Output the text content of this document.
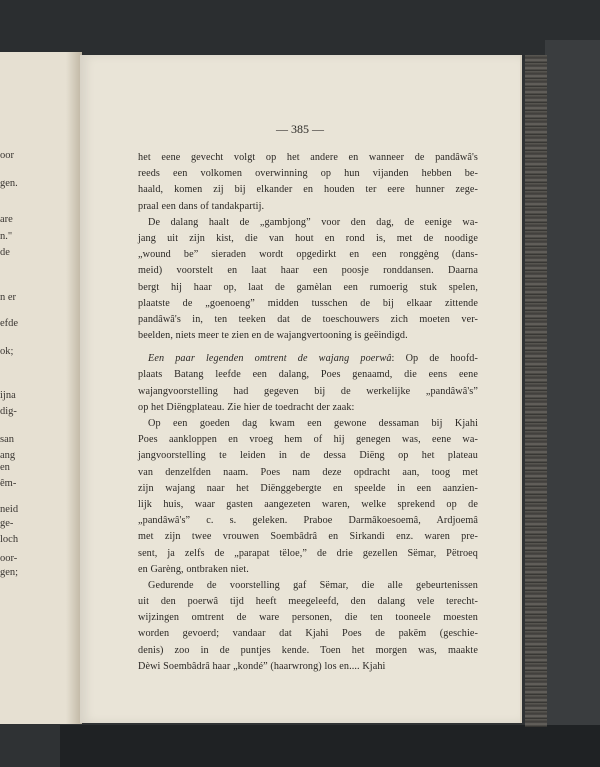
oor
gen.
are
n."
de
n er
efde
ok;
ijna
dig-
san
ang
en
êm-
neid
ge-
loch
oor-
gen;
— 385 —
het eene gevecht volgt op het andere en wanneer de pandâwâ's
reeds een volkomen overwinning op hun vijanden hebben be-
haald, komen zij bij elkander en houden ter eere hunner zege-
praal een dans of tandakpartij.
De dalang haalt de „gambjong” voor den dag, de eenige wa-
jang uit zijn kist, die van hout en rond is, met de noodige
„wound be” sieraden wordt opgedirkt en een ronggèng (dans-
meid) voorstelt en laat haar een poosje ronddansen. Daarna
bergt hij haar op, laat de gamèlan een rumoerig stuk spelen,
plaatste de „goenoeng” midden tusschen de bij elkaar zittende
pandâwâ's in, ten teeken dat de toeschouwers zich moeten ver-
beelden, niets meer te zien en de wajangvertooning is geëindigd.
Een paar legenden omtrent de wajang poerwâ: Op de hoofd-
plaats Batang leefde een dalang, Poes genaamd, die eens eene
wajangvoorstelling had gegeven bij de werkelijke „pandâwâ's”
op het Diëngplateau. Zie hier de toedracht der zaak:
Op een goeden dag kwam een gewone dessaman bij Kjahi
Poes aankloppen en vroeg hem of hij genegen was, eene wa-
jangvoorstelling te leiden in de dessa Diëng op het plateau
van denzelfden naam. Poes nam deze opdracht aan, toog met
zijn wajang naar het Diënggebergte en speelde in een aanzien-
lijk huis, waar gasten aangezeten waren, welke sprekend op de
„pandâwâ's” c. s. geleken. Praboe Darmâkoesoemâ, Ardjoemâ
met zijn twee vrouwen Soembâdrâ en Sirkandi enz. waren pre-
sent, ja zelfs de „parapat tëloe,” de drie gezellen Sëmar, Pëtroeq
en Garèng, ontbraken niet.
Gedurende de voorstelling gaf Sëmar, die alle gebeurtenissen
uit den poerwâ tijd heeft meegeleefd, den dalang vele terecht-
wijzingen omtrent de ware personen, die ten tooneele moesten
worden gevoerd; vandaar dat Kjahi Poes de pakëm (geschie-
denis) zoo in de puntjes kende. Toen het morgen was, maakte
Dèwi Soembâdrâ haar „kondé” (haarwrong) los en.... Kjahi
